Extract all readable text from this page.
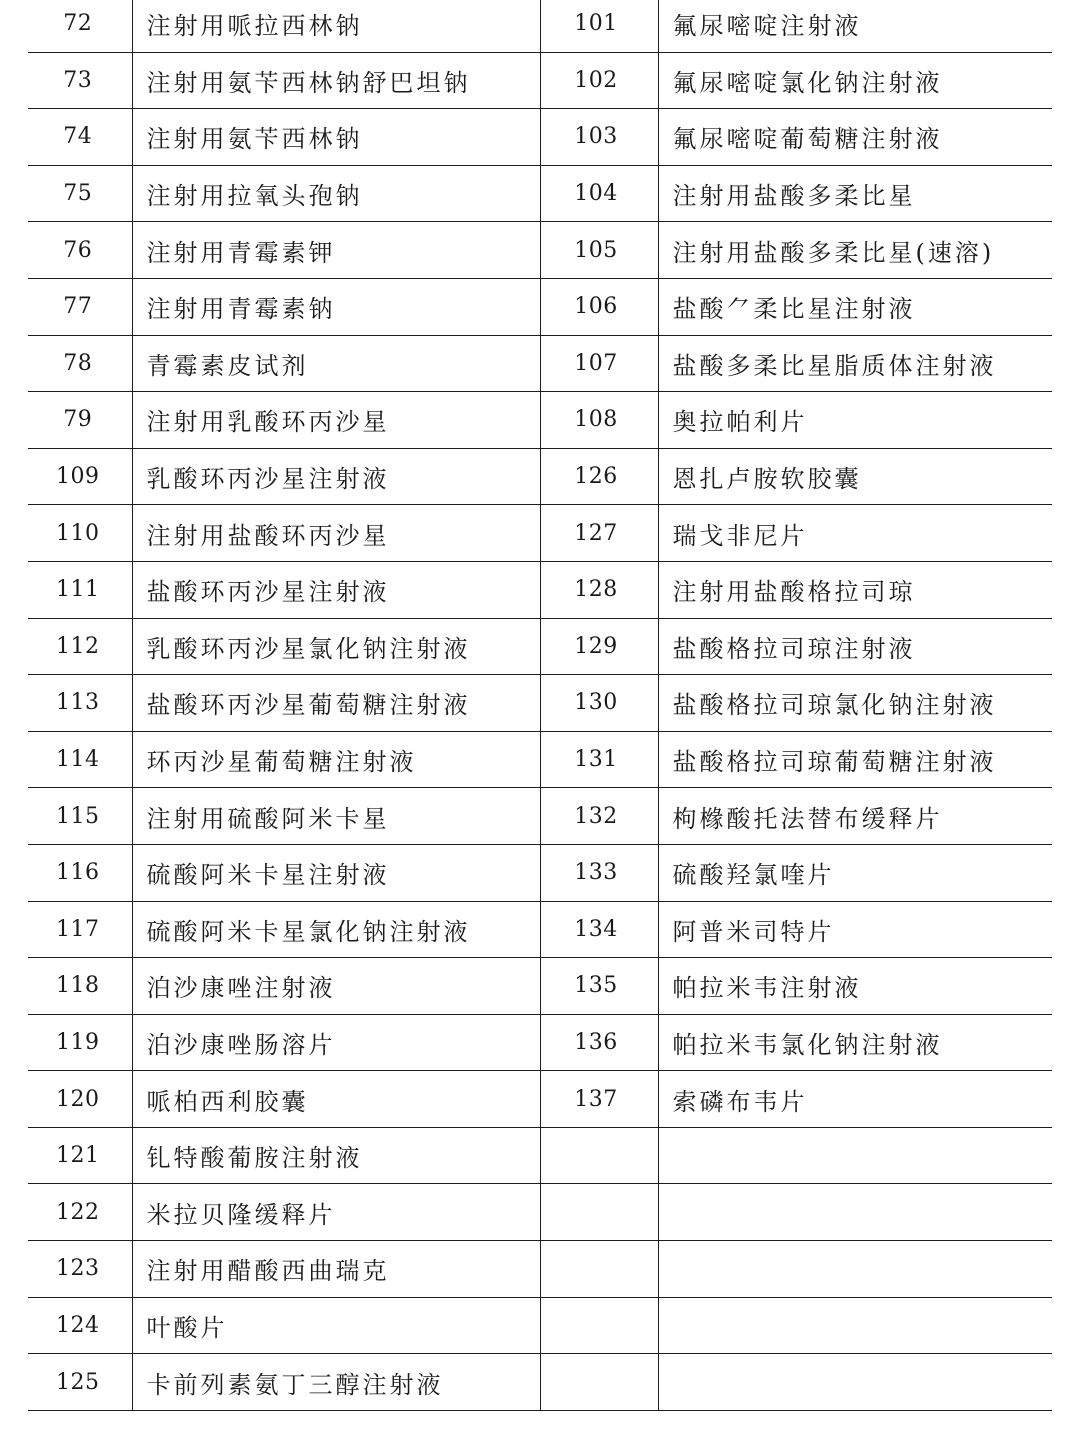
72	注射用哌拉西林钠	101	氟尿嘧啶注射液
73	注射用氨苄西林钠舒巴坦钠	102	氟尿嘧啶氯化钠注射液
74	注射用氨苄西林钠	103	氟尿嘧啶葡萄糖注射液
75	注射用拉氧头孢钠	104	注射用盐酸多柔比星
76	注射用青霉素钾	105	注射用盐酸多柔比星(速溶)
77	注射用青霉素钠	106	盐酸⺈柔比星注射液
78	青霉素皮试剂	107	盐酸多柔比星脂质体注射液
79	注射用乳酸环丙沙星	108	奥拉帕利片
109	乳酸环丙沙星注射液	126	恩扎卢胺软胶囊
110	注射用盐酸环丙沙星	127	瑞戈非尼片
111	盐酸环丙沙星注射液	128	注射用盐酸格拉司琼
112	乳酸环丙沙星氯化钠注射液	129	盐酸格拉司琼注射液
113	盐酸环丙沙星葡萄糖注射液	130	盐酸格拉司琼氯化钠注射液
114	环丙沙星葡萄糖注射液	131	盐酸格拉司琼葡萄糖注射液
115	注射用硫酸阿米卡星	132	枸橼酸托法替布缓释片
116	硫酸阿米卡星注射液	133	硫酸羟氯喹片
117	硫酸阿米卡星氯化钠注射液	134	阿普米司特片
118	泊沙康唑注射液	135	帕拉米韦注射液
119	泊沙康唑肠溶片	136	帕拉米韦氯化钠注射液
120	哌柏西利胶囊	137	索磷布韦片
121	钆特酸葡胺注射液		
122	米拉贝隆缓释片		
123	注射用醋酸西曲瑞克		
124	叶酸片		
125	卡前列素氨丁三醇注射液		
